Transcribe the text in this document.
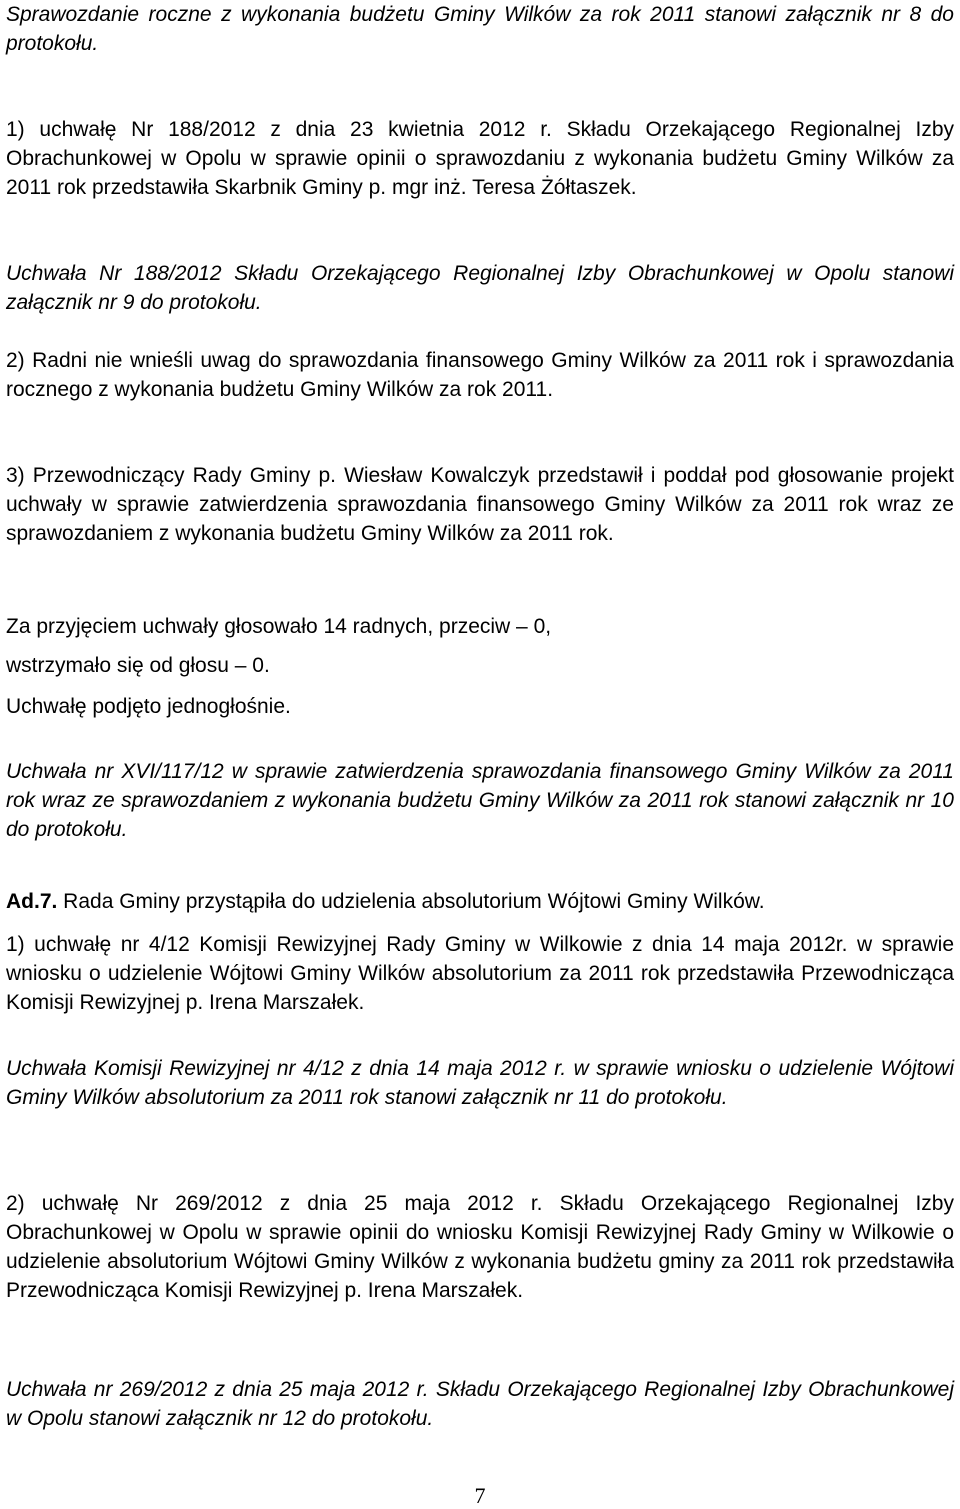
Sprawozdanie roczne z wykonania budżetu Gminy Wilków za rok 2011 stanowi załącznik nr 8 do protokołu.

1) uchwałę Nr 188/2012 z dnia 23 kwietnia 2012 r. Składu Orzekającego Regionalnej Izby Obrachunkowej w Opolu w sprawie opinii o sprawozdaniu z wykonania budżetu Gminy Wilków za 2011 rok przedstawiła Skarbnik Gminy p. mgr inż. Teresa Żółtaszek.

Uchwała Nr 188/2012 Składu Orzekającego Regionalnej Izby Obrachunkowej w Opolu stanowi załącznik nr 9 do protokołu.

2) Radni nie wnieśli uwag do sprawozdania finansowego Gminy Wilków za 2011 rok i sprawozdania rocznego z wykonania budżetu Gminy Wilków za rok 2011.

3) Przewodniczący Rady Gminy p. Wiesław Kowalczyk przedstawił i poddał pod głosowanie projekt uchwały w sprawie zatwierdzenia sprawozdania finansowego Gminy Wilków za 2011 rok wraz ze sprawozdaniem z wykonania budżetu Gminy Wilków za 2011 rok.

Za przyjęciem uchwały głosowało 14 radnych, przeciw – 0,

wstrzymało się od głosu – 0.

Uchwałę podjęto jednogłośnie.

Uchwała nr XVI/117/12 w sprawie zatwierdzenia sprawozdania finansowego Gminy Wilków za 2011 rok wraz ze sprawozdaniem z wykonania budżetu Gminy Wilków za 2011 rok stanowi załącznik nr 10 do protokołu.

Ad.7. Rada Gminy przystąpiła do udzielenia absolutorium Wójtowi Gminy Wilków.

1) uchwałę nr 4/12 Komisji Rewizyjnej Rady Gminy w Wilkowie z dnia 14 maja 2012r. w sprawie wniosku o udzielenie Wójtowi Gminy Wilków absolutorium za 2011 rok przedstawiła Przewodnicząca Komisji Rewizyjnej p. Irena Marszałek.

Uchwała Komisji Rewizyjnej nr 4/12 z dnia 14 maja 2012 r. w sprawie wniosku o udzielenie Wójtowi Gminy Wilków absolutorium za 2011 rok stanowi załącznik nr 11 do protokołu.

2) uchwałę Nr 269/2012 z dnia 25 maja 2012 r. Składu Orzekającego Regionalnej Izby Obrachunkowej w Opolu w sprawie opinii do wniosku Komisji Rewizyjnej Rady Gminy w Wilkowie o udzielenie absolutorium Wójtowi Gminy Wilków z wykonania budżetu gminy za 2011 rok przedstawiła Przewodnicząca Komisji Rewizyjnej p. Irena Marszałek.

Uchwała nr 269/2012 z dnia 25 maja 2012 r. Składu Orzekającego Regionalnej Izby Obrachunkowej w Opolu stanowi załącznik nr 12 do protokołu.

7
